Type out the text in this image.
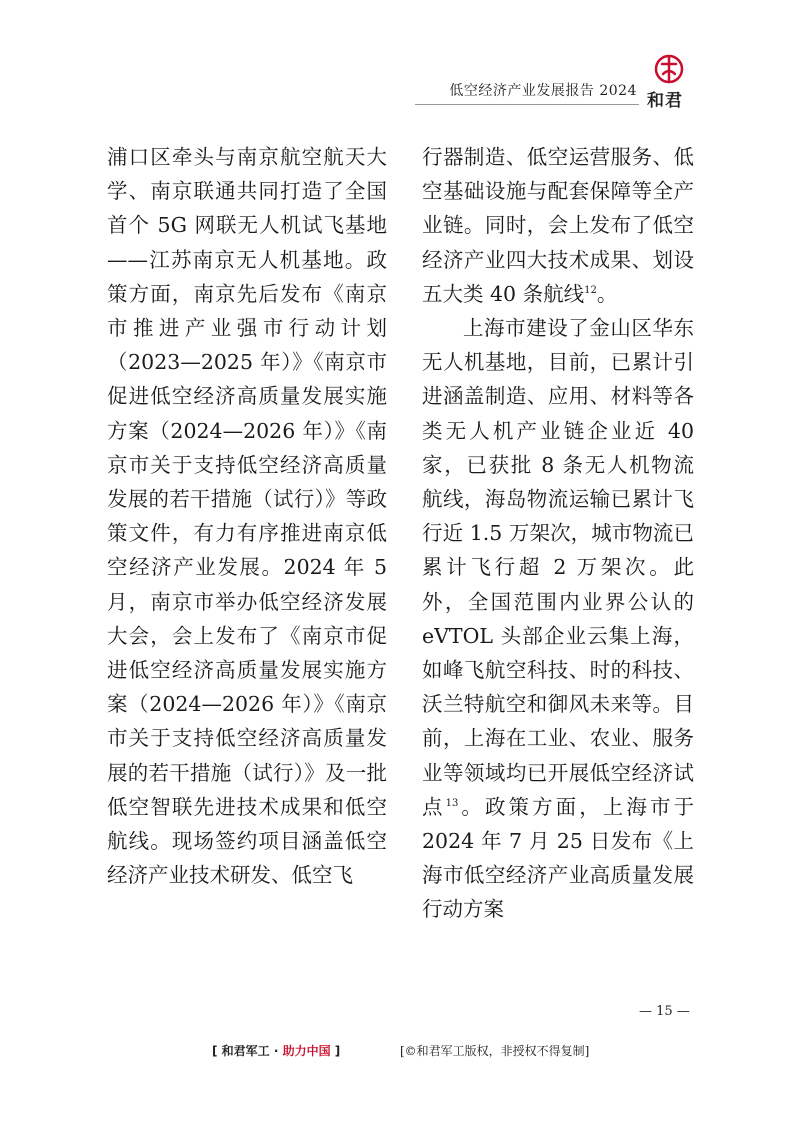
低空经济产业发展报告 2024 和君

浦口区牵头与南京航空航天大学、南京联通共同打造了全国首个 5G 网联无人机试飞基地——江苏南京无人机基地。政策方面，南京先后发布《南京市推进产业强市行动计划（2023—2025 年）》《南京市促进低空经济高质量发展实施方案（2024—2026 年）》《南京市关于支持低空经济高质量发展的若干措施（试行）》等政策文件，有力有序推进南京低空经济产业发展。2024 年 5 月，南京市举办低空经济发展大会，会上发布了《南京市促进低空经济高质量发展实施方案（2024—2026 年）》《南京市关于支持低空经济高质量发展的若干措施（试行）》及一批低空智联先进技术成果和低空航线。现场签约项目涵盖低空经济产业技术研发、低空飞

行器制造、低空运营服务、低空基础设施与配套保障等全产业链。同时，会上发布了低空经济产业四大技术成果、划设五大类 40 条航线$^{12}$。

上海市建设了金山区华东无人机基地，目前，已累计引进涵盖制造、应用、材料等各类无人机产业链企业近 40 家，已获批 8 条无人机物流航线，海岛物流运输已累计飞行近 1.5 万架次，城市物流已累计飞行超 2 万架次。此外，全国范围内业界公认的 eVTOL 头部企业云集上海，如峰飞航空科技、时的科技、沃兰特航空和御风未来等。目前，上海在工业、农业、服务业等领域均已开展低空经济试点$^{13}$。政策方面，上海市于 2024 年 7 月 25 日发布《上海市低空经济产业高质量发展行动方案

— 15 —
[ 和君军工 · 助力中国 ]	[©和君军工版权，非授权不得复制]
